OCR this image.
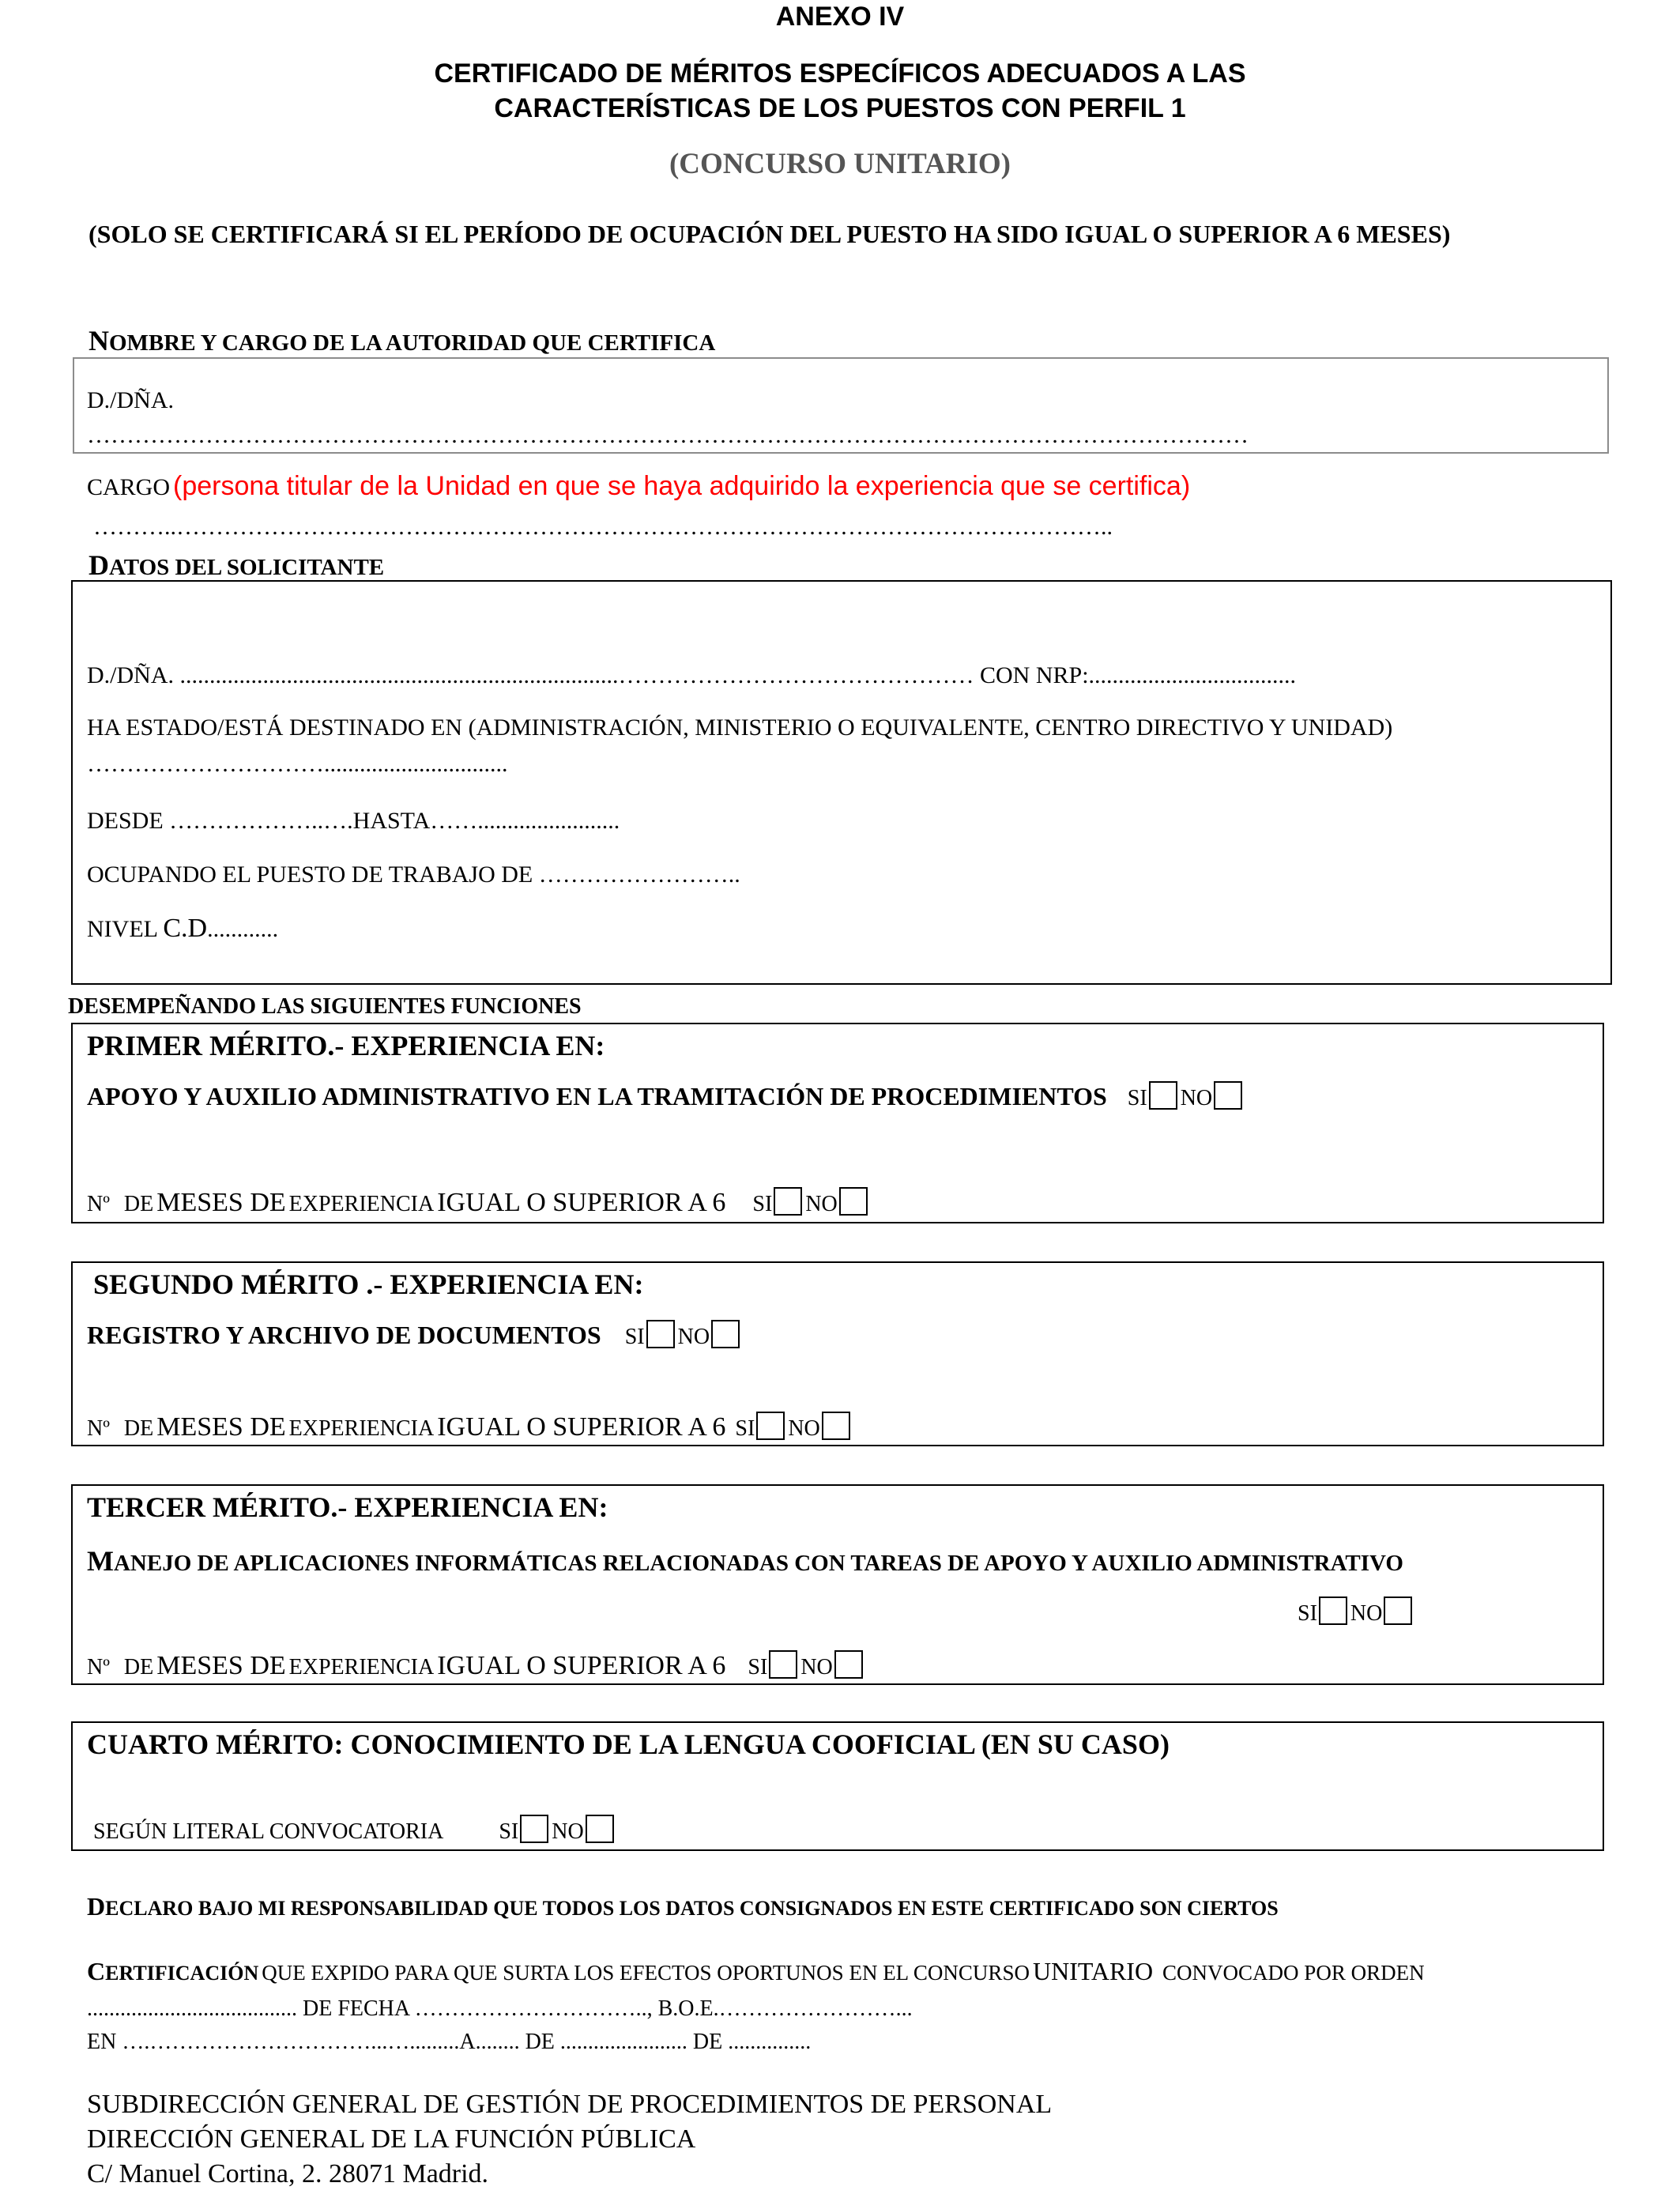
ANEXO IV
CERTIFICADO DE MÉRITOS ESPECÍFICOS ADECUADOS A LAS
CARACTERÍSTICAS DE LOS PUESTOS CON PERFIL 1
(CONCURSO UNITARIO)
(SOLO SE CERTIFICARÁ SI EL PERÍODO DE OCUPACIÓN DEL PUESTO HA SIDO IGUAL O SUPERIOR A 6 MESES)
NOMBRE Y CARGO DE LA AUTORIDAD QUE CERTIFICA
D./DÑA.
…………………………………………………………………………………………………………………………………
CARGO (persona titular de la Unidad en que se haya adquirido la experiencia que se certifica)
………..………………………………………………………………………………………………………..
DATOS DEL SOLICITANTE
D./DÑA. ..........................................................................……………………………………… CON NRP:...................................
HA ESTADO/ESTÁ DESTINADO EN (ADMINISTRACIÓN, MINISTERIO O EQUIVALENTE, CENTRO DIRECTIVO Y UNIDAD)
…………………………...............................
DESDE ………………..….HASTA……........................
OCUPANDO EL PUESTO DE TRABAJO DE ……………………..
NIVEL C.D............
DESEMPEÑANDO LAS SIGUIENTES FUNCIONES
PRIMER MÉRITO.- EXPERIENCIA EN:
APOYO Y AUXILIO ADMINISTRATIVO EN LA TRAMITACIÓN DE PROCEDIMIENTOS SI NO
Nº DE MESES DE EXPERIENCIA IGUAL O SUPERIOR A 6 SI NO
SEGUNDO MÉRITO .- EXPERIENCIA EN:
REGISTRO Y ARCHIVO DE DOCUMENTOS SI NO
Nº DE MESES DE EXPERIENCIA IGUAL O SUPERIOR A 6 SI NO
TERCER MÉRITO.- EXPERIENCIA EN:
MANEJO DE APLICACIONES INFORMÁTICAS RELACIONADAS CON TAREAS DE APOYO Y AUXILIO ADMINISTRATIVO
SI NO
Nº DE MESES DE EXPERIENCIA IGUAL O SUPERIOR A 6 SI NO
CUARTO MÉRITO: CONOCIMIENTO DE LA LENGUA COOFICIAL (EN SU CASO)
SEGÚN LITERAL CONVOCATORIA	SI NO
DECLARO BAJO MI RESPONSABILIDAD QUE TODOS LOS DATOS CONSIGNADOS EN ESTE CERTIFICADO SON CIERTOS
CERTIFICACIÓN QUE EXPIDO PARA QUE SURTA LOS EFECTOS OPORTUNOS EN EL CONCURSO UNITARIO CONVOCADO POR ORDEN
...................................... DE FECHA ………………………….., B.O.E.……………………...
EN ….…………………………...….........A........ DE ....................... DE ...............
SUBDIRECCIÓN GENERAL DE GESTIÓN DE PROCEDIMIENTOS DE PERSONAL
DIRECCIÓN GENERAL DE LA FUNCIÓN PÚBLICA
C/ Manuel Cortina, 2. 28071 Madrid.
